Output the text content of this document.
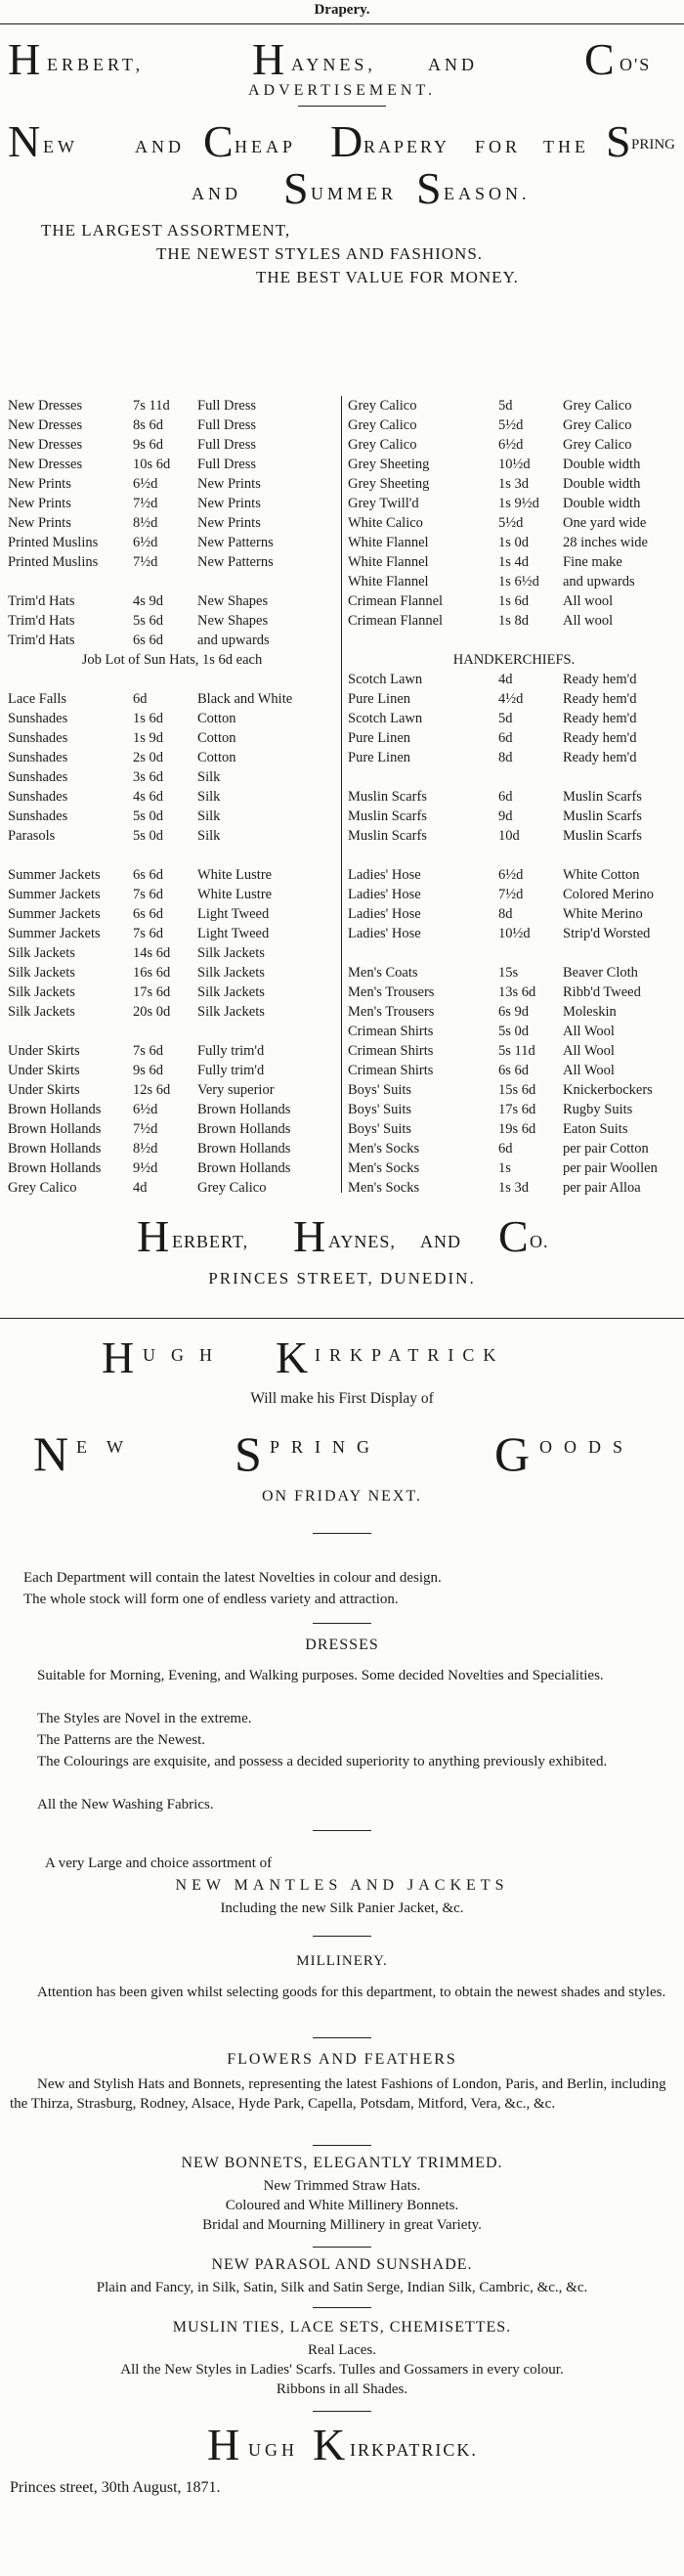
Drapery.
H ERBERT, H AYNES,	AND C O'S
ADVERTISEMENT.
N EW	AND C HEAP D RAPERY FOR THE S PRING
AND S UMMER S EASON.
THE LARGEST ASSORTMENT,
THE NEWEST STYLES AND FASHIONS.
THE BEST VALUE FOR MONEY.
New Dresses	7s 11d	Full Dress
New Dresses	8s 6d	Full Dress
New Dresses	9s 6d	Full Dress
New Dresses	10s 6d	Full Dress
New Prints	6½d	New Prints
New Prints	7½d	New Prints
New Prints	8½d	New Prints
Printed Muslins	6½d	New Patterns
Printed Muslins	7½d	New Patterns
Trim'd Hats	4s 9d	New Shapes
Trim'd Hats	5s 6d	New Shapes
Trim'd Hats	6s 6d	and upwards
Job Lot of Sun Hats, 1s 6d each
Lace Falls	6d	Black and White
Sunshades	1s 6d	Cotton
Sunshades	1s 9d	Cotton
Sunshades	2s 0d	Cotton
Sunshades	3s 6d	Silk
Sunshades	4s 6d	Silk
Sunshades	5s 0d	Silk
Parasols	5s 0d	Silk
Summer Jackets	6s 6d	White Lustre
Summer Jackets	7s 6d	White Lustre
Summer Jackets	6s 6d	Light Tweed
Summer Jackets	7s 6d	Light Tweed
Silk Jackets	14s 6d	Silk Jackets
Silk Jackets	16s 6d	Silk Jackets
Silk Jackets	17s 6d	Silk Jackets
Silk Jackets	20s 0d	Silk Jackets
Under Skirts	7s 6d	Fully trim'd
Under Skirts	9s 6d	Fully trim'd
Under Skirts	12s 6d	Very superior
Brown Hollands	6½d	Brown Hollands
Brown Hollands	7½d	Brown Hollands
Brown Hollands	8½d	Brown Hollands
Brown Hollands	9½d	Brown Hollands
Grey Calico	4d	Grey Calico
Grey Calico	5d	Grey Calico
Grey Calico	5½d	Grey Calico
Grey Calico	6½d	Grey Calico
Grey Sheeting	10½d	Double width
Grey Sheeting	1s 3d	Double width
Grey Twill'd	1s 9½d	Double width
White Calico	5½d	One yard wide
White Flannel	1s 0d	28 inches wide
White Flannel	1s 4d	Fine make
White Flannel	1s 6½d	and upwards
Crimean Flannel	1s 6d	All wool
Crimean Flannel	1s 8d	All wool
HANDKERCHIEFS.
Scotch Lawn	4d	Ready hem'd
Pure Linen	4½d	Ready hem'd
Scotch Lawn	5d	Ready hem'd
Pure Linen	6d	Ready hem'd
Pure Linen	8d	Ready hem'd
Muslin Scarfs	6d	Muslin Scarfs
Muslin Scarfs	9d	Muslin Scarfs
Muslin Scarfs	10d	Muslin Scarfs
Ladies' Hose	6½d	White Cotton
Ladies' Hose	7½d	Colored Merino
Ladies' Hose	8d	White Merino
Ladies' Hose	10½d	Strip'd Worsted
Men's Coats	15s	Beaver Cloth
Men's Trousers	13s 6d	Ribb'd Tweed
Men's Trousers	6s 9d	Moleskin
Crimean Shirts	5s 0d	All Wool
Crimean Shirts	5s 11d	All Wool
Crimean Shirts	6s 6d	All Wool
Boys' Suits	15s 6d	Knickerbockers
Boys' Suits	17s 6d	Rugby Suits
Boys' Suits	19s 6d	Eaton Suits
Men's Socks	6d	per pair Cotton
Men's Socks	1s	per pair Woollen
Men's Socks	1s 3d	per pair Alloa
H ERBERT, H AYNES, AND C O.
PRINCES STREET, DUNEDIN.
H UGH K IRKPATRICK
Will make his First Display of
N EW S PRING G OODS
ON FRIDAY NEXT.
Each Department will contain the latest Novelties in colour and design.
The whole stock will form one of endless variety and attraction.
DRESSES
Suitable for Morning, Evening, and Walking purposes. Some decided Novelties and Specialities.
The Styles are Novel in the extreme.
The Patterns are the Newest.
The Colourings are exquisite, and possess a decided superiority to anything previously exhibited.
All the New Washing Fabrics.
A very Large and choice assortment of
NEW MANTLES AND JACKETS
Including the new Silk Panier Jacket, &c.
MILLINERY.
Attention has been given whilst selecting goods for this department, to obtain the newest shades and styles.
FLOWERS AND FEATHERS
New and Stylish Hats and Bonnets, representing the latest Fashions of London, Paris, and Berlin, including the Thirza, Strasburg, Rodney, Alsace, Hyde Park, Capella, Potsdam, Mitford, Vera, &c., &c.
NEW BONNETS, ELEGANTLY TRIMMED.
New Trimmed Straw Hats.
Coloured and White Millinery Bonnets.
Bridal and Mourning Millinery in great Variety.
NEW PARASOL AND SUNSHADE.
Plain and Fancy, in Silk, Satin, Silk and Satin Serge, Indian Silk, Cambric, &c., &c.
MUSLIN TIES, LACE SETS, CHEMISETTES.
Real Laces.
All the New Styles in Ladies' Scarfs. Tulles and Gossamers in every colour.
Ribbons in all Shades.
H UGH K IRKPATRICK.
Princes street, 30th August, 1871.
